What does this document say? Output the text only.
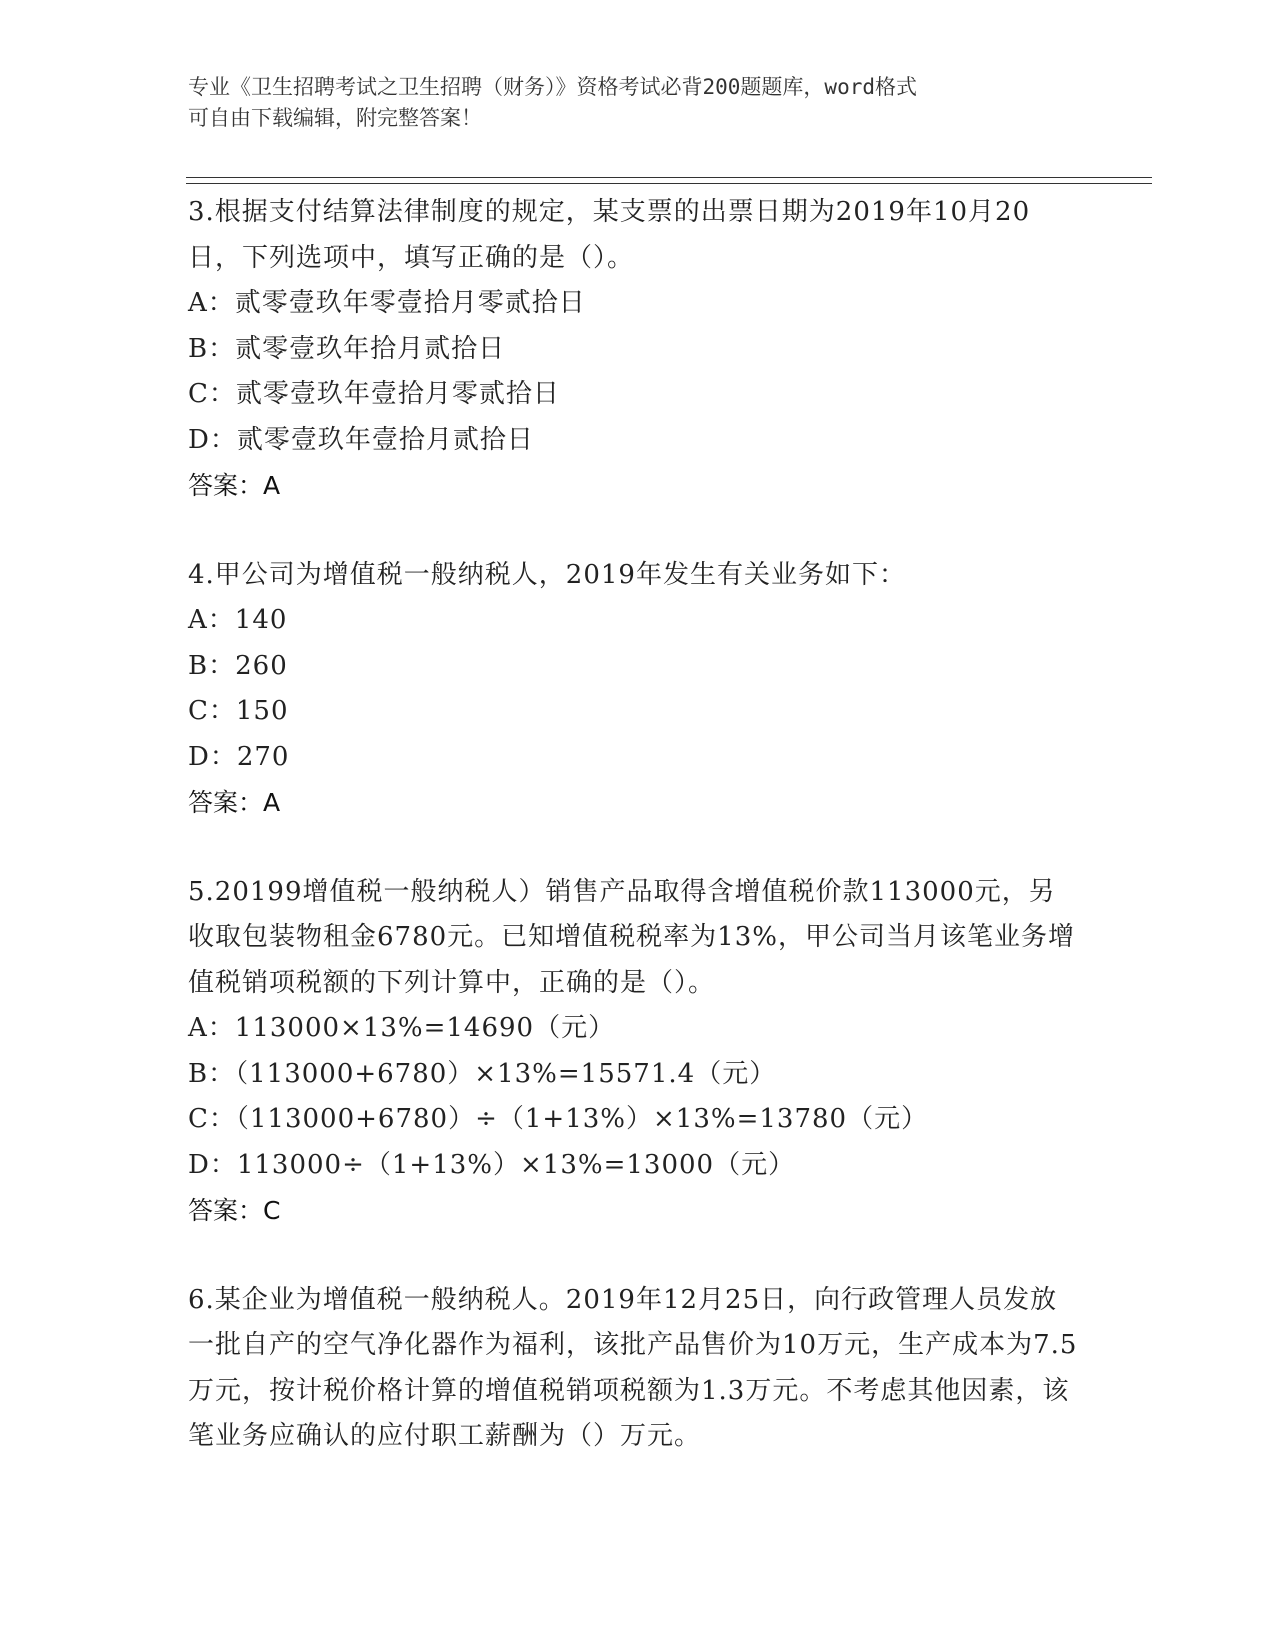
专业《卫生招聘考试之卫生招聘（财务）》资格考试必背200题题库，word格式
可自由下载编辑，附完整答案！

3.根据支付结算法律制度的规定，某支票的出票日期为2019年10月20日，下列选项中，填写正确的是（）。

A：贰零壹玖年零壹拾月零贰拾日

B：贰零壹玖年拾月贰拾日

C：贰零壹玖年壹拾月零贰拾日

D：贰零壹玖年壹拾月贰拾日

答案：A

4.甲公司为增值税一般纳税人，2019年发生有关业务如下：

A：140

B：260

C：150

D：270

答案：A

5.20199增值税一般纳税人）销售产品取得含增值税价款113000元，另收取包装物租金6780元。已知增值税税率为13%，甲公司当月该笔业务增值税销项税额的下列计算中，正确的是（）。

A：113000×13%=14690（元）

B：（113000+6780）×13%=15571.4（元）

C：（113000+6780）÷（1+13%）×13%=13780（元）

D：113000÷（1+13%）×13%=13000（元）

答案：C

6.某企业为增值税一般纳税人。2019年12月25日，向行政管理人员发放一批自产的空气净化器作为福利，该批产品售价为10万元，生产成本为7.5万元，按计税价格计算的增值税销项税额为1.3万元。不考虑其他因素，该笔业务应确认的应付职工薪酬为（）万元。
